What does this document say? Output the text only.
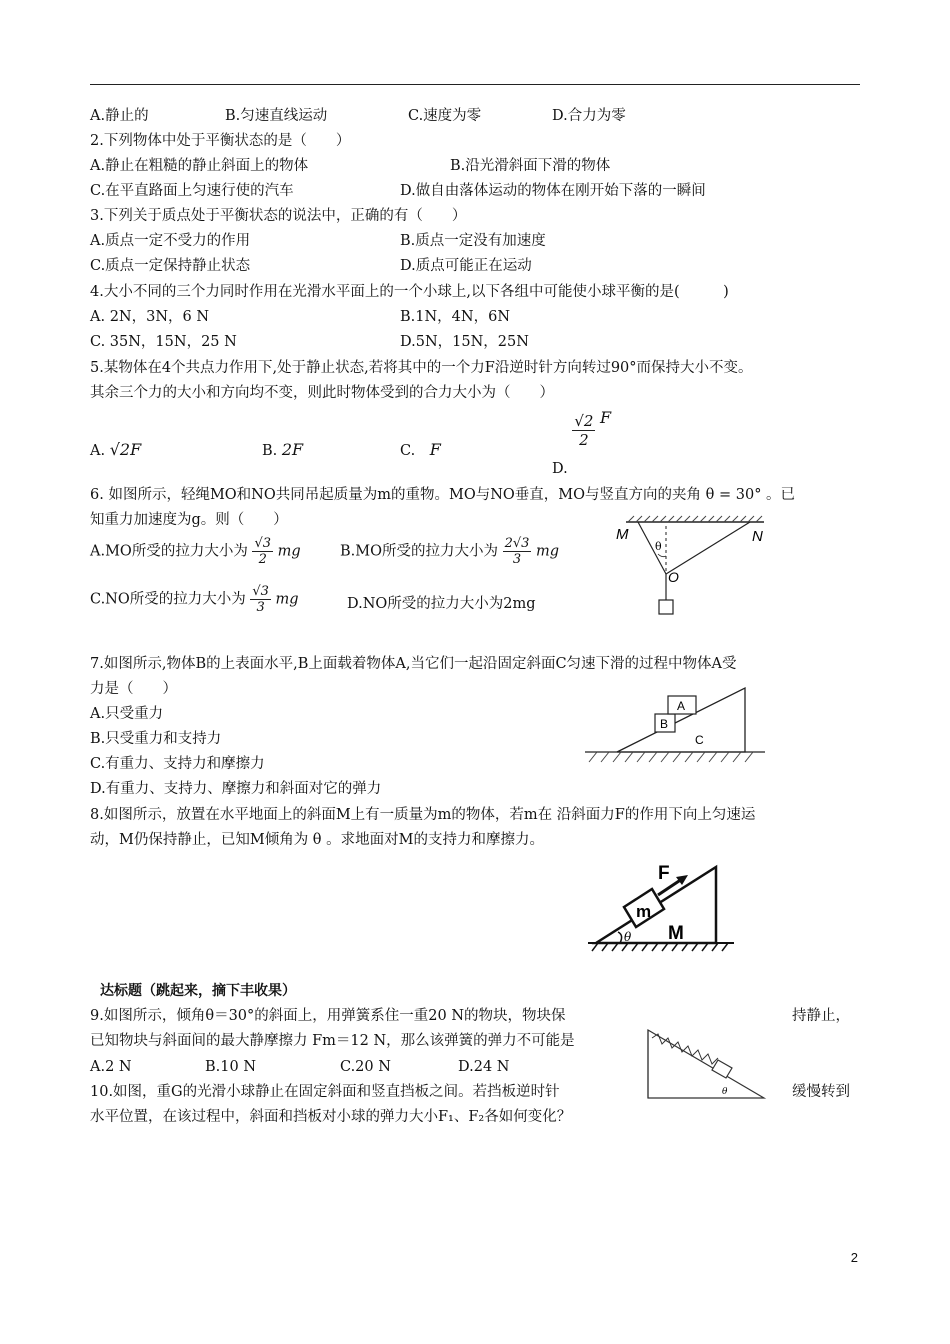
A.静止的	B.匀速直线运动	C.速度为零	D.合力为零
2.下列物体中处于平衡状态的是（　　）
A.静止在粗糙的静止斜面上的物体	B.沿光滑斜面下滑的物体
C.在平直路面上匀速行使的汽车	D.做自由落体运动的物体在刚开始下落的一瞬间
3.下列关于质点处于平衡状态的说法中，正确的有（　　）
A.质点一定不受力的作用	B.质点一定没有加速度
C.质点一定保持静止状态	D.质点可能正在运动
4.大小不同的三个力同时作用在光滑水平面上的一个小球上,以下各组中可能使小球平衡的是(　　　)
A. 2N，3N，6 N	B.1N，4N，6N
C. 35N，15N，25 N	D.5N，15N，25N
5.某物体在4个共点力作用下,处于静止状态,若将其中的一个力F沿逆时针方向转过90°而保持大小不变。
其余三个力的大小和方向均不变，则此时物体受到的合力大小为（　　）
A. √2F	B. 2F	C. F
D.
$\frac{√2}{2}$ F
6. 如图所示，轻绳MO和NO共同吊起质量为m的重物。MO与NO垂直，MO与竖直方向的夹角 θ = 30° 。已
知重力加速度为g。则（　　）
A.MO所受的拉力大小为 $\frac{√3}{2}$ mg	B.MO所受的拉力大小为 $\frac{2√3}{3}$ mg
C.NO所受的拉力大小为 $\frac{√3}{3}$ mg	D.NO所受的拉力大小为2mg
M	N
O
θ
7.如图所示,物体B的上表面水平,B上面载着物体A,当它们一起沿固定斜面C匀速下滑的过程中物体A受
力是（　　）
A.只受重力
B.只受重力和支持力
C.有重力、支持力和摩擦力
D.有重力、支持力、摩擦力和斜面对它的弹力
A
B
C
8.如图所示，放置在水平地面上的斜面M上有一质量为m的物体，若m在 沿斜面力F的作用下向上匀速运
动，M仍保持静止，已知M倾角为 θ 。求地面对M的支持力和摩擦力。
F
m
M
θ
达标题（跳起来，摘下丰收果）
9.如图所示，倾角θ＝30°的斜面上，用弹簧系住一重20 N的物块，物块保	持静止，
已知物块与斜面间的最大静摩擦力 Fm＝12 N，那么该弹簧的弹力不可能是
A.2 N	B.10 N	C.20 N	D.24 N
θ
10.如图，重G的光滑小球静止在固定斜面和竖直挡板之间。若挡板逆时针	缓慢转到
水平位置，在该过程中，斜面和挡板对小球的弹力大小F₁、F₂各如何变化？
2
